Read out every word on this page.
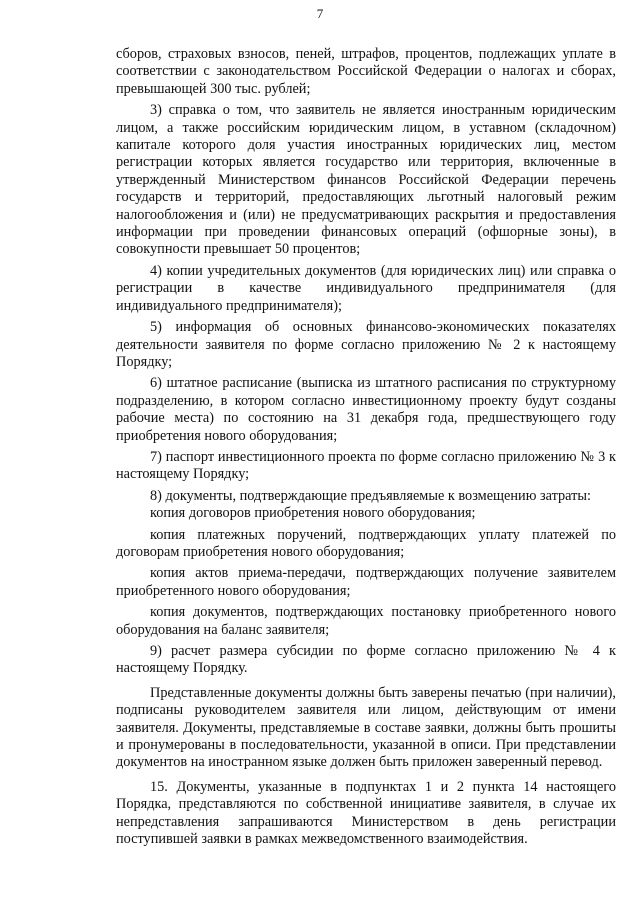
7

сборов, страховых взносов, пеней, штрафов, процентов, подлежащих уплате в соответствии с законодательством Российской Федерации о налогах и сборах, превышающей 300 тыс. рублей;

3) справка о том, что заявитель не является иностранным юридическим лицом, а также российским юридическим лицом, в уставном (складочном) капитале которого доля участия иностранных юридических лиц, местом регистрации которых является государство или территория, включенные в утвержденный Министерством финансов Российской Федерации перечень государств и территорий, предоставляющих льготный налоговый режим налогообложения и (или) не предусматривающих раскрытия и предоставления информации при проведении финансовых операций (офшорные зоны), в совокупности превышает 50 процентов;

4) копии учредительных документов (для юридических лиц) или справка о регистрации в качестве индивидуального предпринимателя (для индивидуального предпринимателя);

5) информация об основных финансово-экономических показателях деятельности заявителя по форме согласно приложению № 2 к настоящему Порядку;

6) штатное расписание (выписка из штатного расписания по структурному подразделению, в котором согласно инвестиционному проекту будут созданы рабочие места) по состоянию на 31 декабря года, предшествующего году приобретения нового оборудования;

7) паспорт инвестиционного проекта по форме согласно приложению № 3 к настоящему Порядку;

8) документы, подтверждающие предъявляемые к возмещению затраты:

копия договоров приобретения нового оборудования;

копия платежных поручений, подтверждающих уплату платежей по договорам приобретения нового оборудования;

копия актов приема-передачи, подтверждающих получение заявителем приобретенного нового оборудования;

копия документов, подтверждающих постановку приобретенного нового оборудования на баланс заявителя;

9) расчет размера субсидии по форме согласно приложению № 4 к настоящему Порядку.

Представленные документы должны быть заверены печатью (при наличии), подписаны руководителем заявителя или лицом, действующим от имени заявителя. Документы, представляемые в составе заявки, должны быть прошиты и пронумерованы в последовательности, указанной в описи. При представлении документов на иностранном языке должен быть приложен заверенный перевод.

15. Документы, указанные в подпунктах 1 и 2 пункта 14 настоящего Порядка, представляются по собственной инициативе заявителя, в случае их непредставления запрашиваются Министерством в день регистрации поступившей заявки в рамках межведомственного взаимодействия.
